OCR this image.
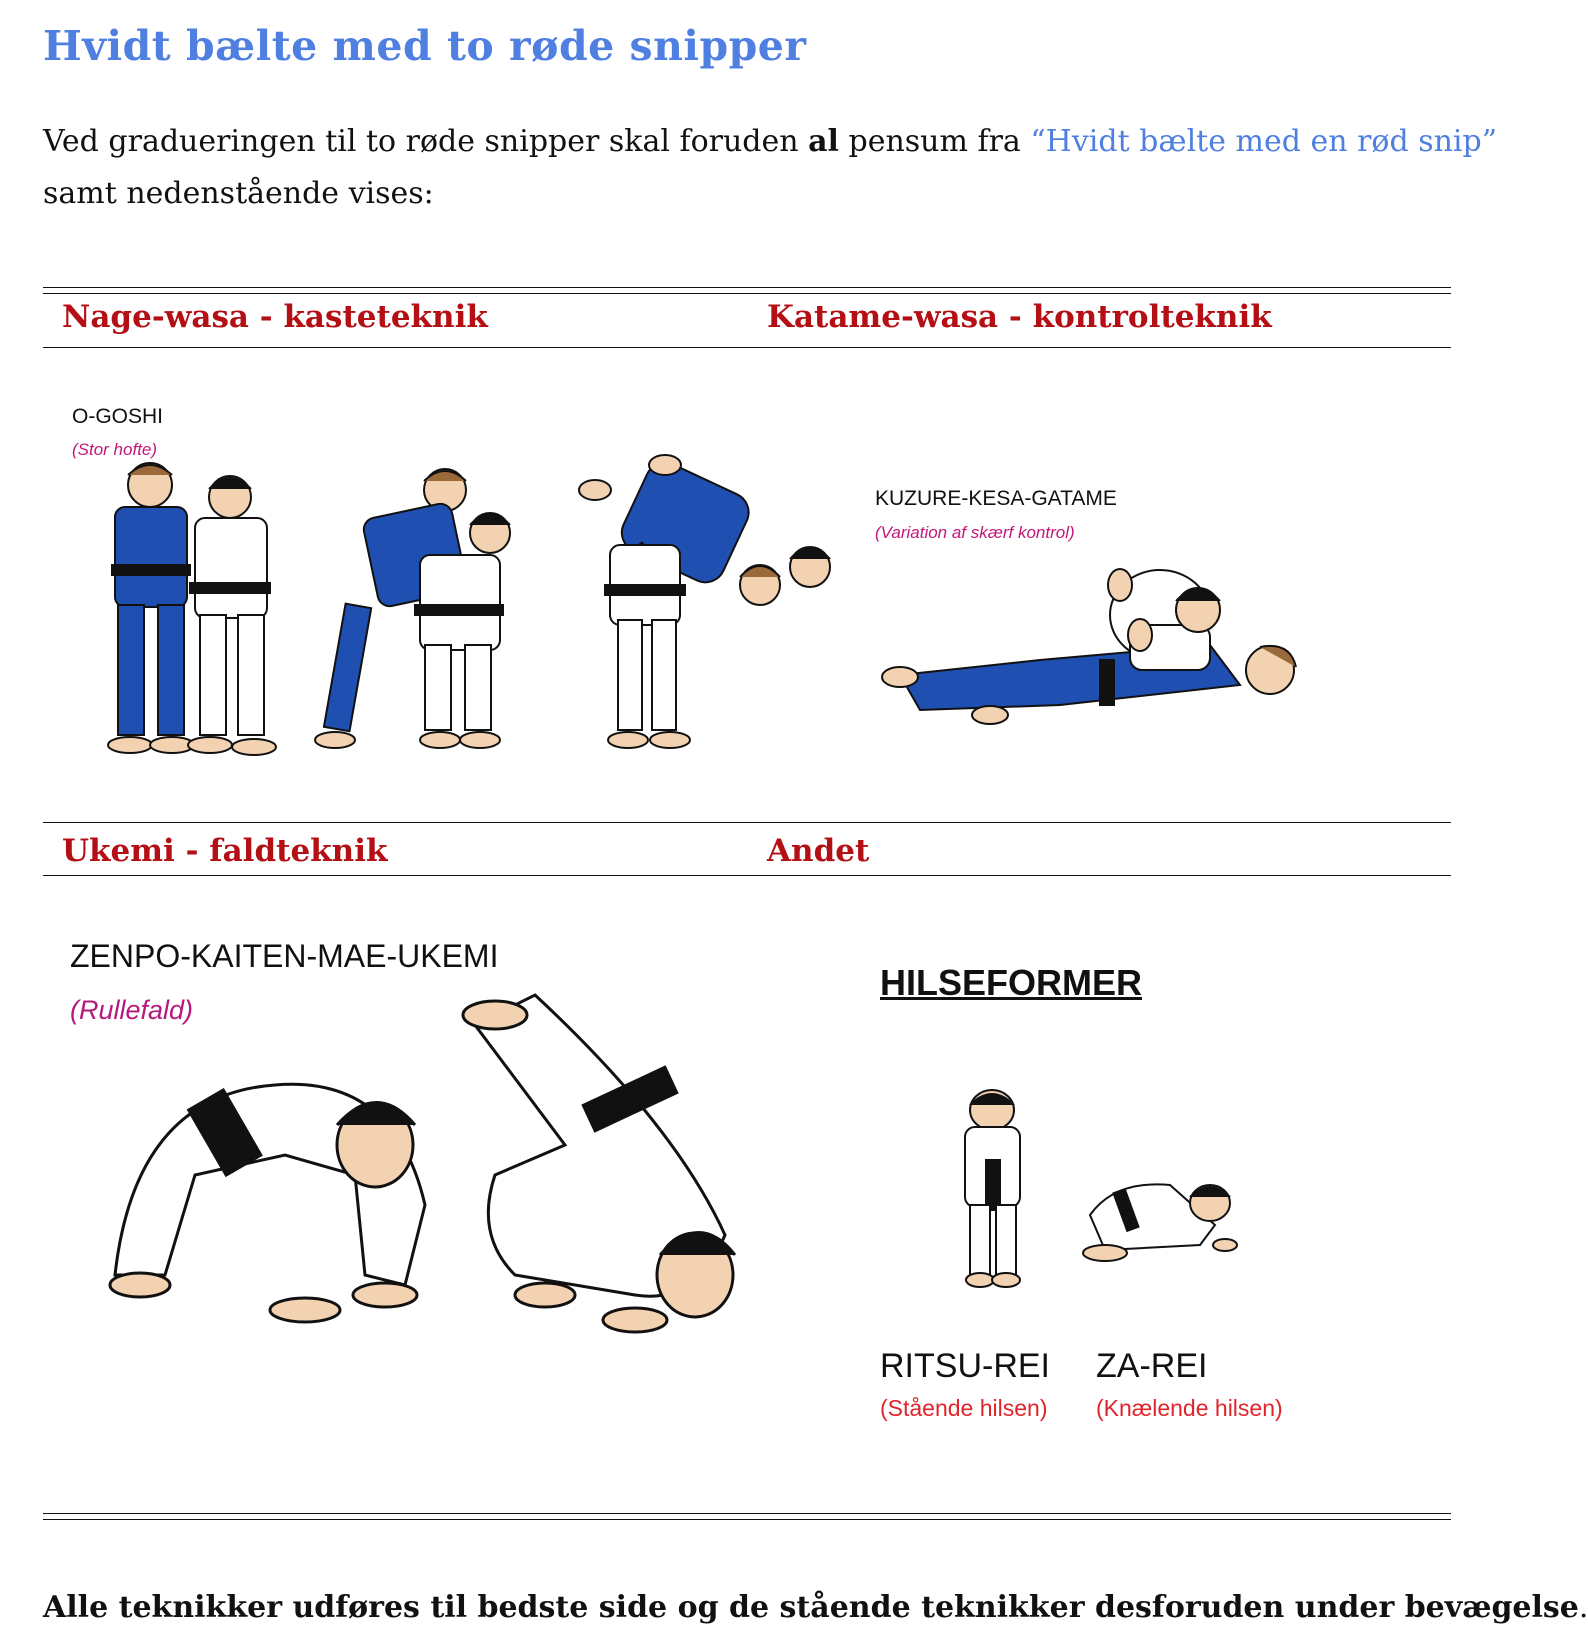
Hvidt bælte med to røde snipper

Ved gradueringen til to røde snipper skal foruden al pensum fra “Hvidt bælte med en rød snip” samt nedenstående vises:

Nage-wasa - kasteteknik	Katame-wasa - kontrolteknik
O-GOSHI
(Stor hofte)
KUZURE-KESA-GATAME
(Variation af skærf kontrol)
Ukemi - faldteknik	Andet
ZENPO-KAITEN-MAE-UKEMI
(Rullefald)
HILSEFORMER
RITSU-REI
(Stående hilsen)
ZA-REI
(Knælende hilsen)

Alle teknikker udføres til bedste side og de stående teknikker desforuden under bevægelse.
